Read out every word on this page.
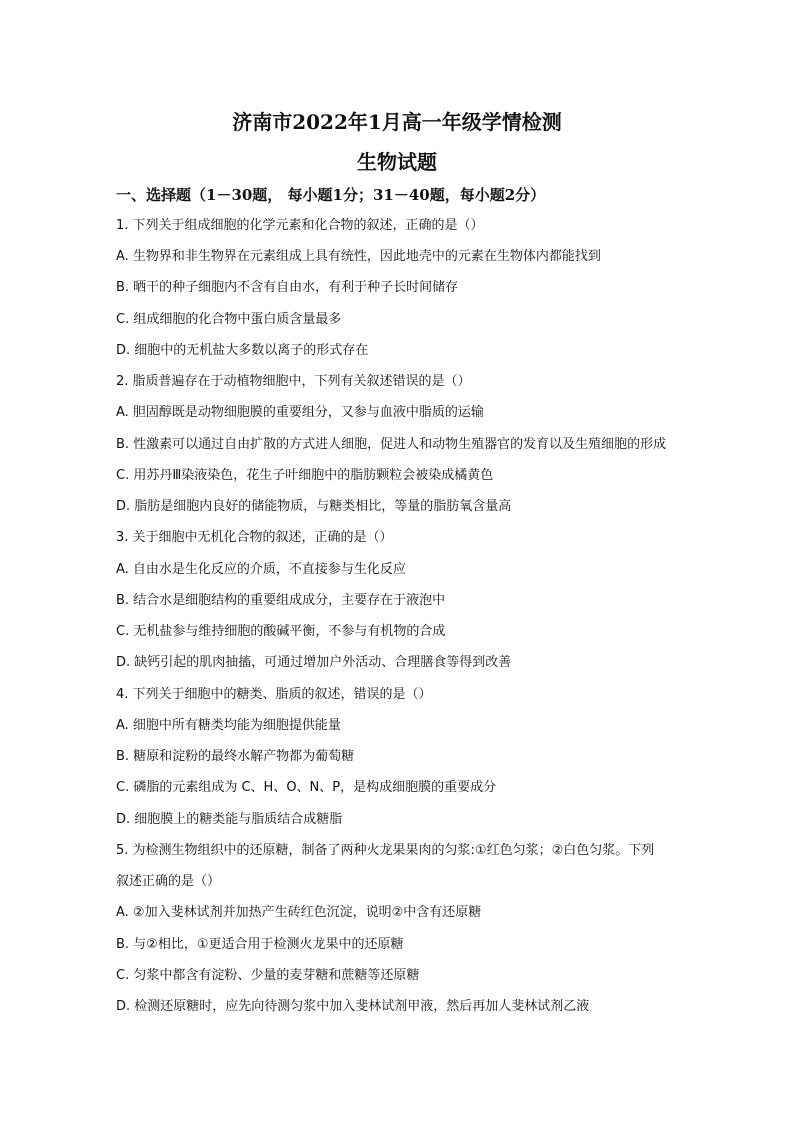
济南市2022年1月高一年级学情检测
生物试题
一、选择题（1－30题， 每小题1分；31－40题，每小题2分）
1. 下列关于组成细胞的化学元素和化合物的叙述，正确的是（）
A. 生物界和非生物界在元素组成上具有统性，因此地壳中的元素在生物体内都能找到
B. 晒干的种子细胞内不含有自由水，有利于种子长时间储存
C. 组成细胞的化合物中蛋白质含量最多
D. 细胞中的无机盐大多数以离子的形式存在
2. 脂质普遍存在于动植物细胞中，下列有关叙述错误的是（）
A. 胆固醇既是动物细胞膜的重要组分，又参与血液中脂质的运输
B. 性激素可以通过自由扩散的方式进人细胞，促进人和动物生殖器官的发育以及生殖细胞的形成
C. 用苏丹Ⅲ染液染色，花生子叶细胞中的脂肪颗粒会被染成橘黄色
D. 脂肪是细胞内良好的储能物质，与糖类相比，等量的脂肪氧含量高
3. 关于细胞中无机化合物的叙述，正确的是（）
A. 自由水是生化反应的介质，不直接参与生化反应
B. 结合水是细胞结构的重要组成成分，主要存在于液泡中
C. 无机盐参与维持细胞的酸碱平衡，不参与有机物的合成
D. 缺钙引起的肌肉抽搐，可通过增加户外活动、合理膳食等得到改善
4. 下列关于细胞中的糖类、脂质的叙述，错误的是（）
A. 细胞中所有糖类均能为细胞提供能量
B. 糖原和淀粉的最终水解产物都为葡萄糖
C. 磷脂的元素组成为 C、H、O、N、P，是构成细胞膜的重要成分
D. 细胞膜上的糖类能与脂质结合成糖脂
5. 为检测生物组织中的还原糖，制备了两种火龙果果肉的匀浆:①红色匀浆；②白色匀浆。下列
叙述正确的是（）
A. ②加入斐林试剂并加热产生砖红色沉淀，说明②中含有还原糖
B. 与②相比，①更适合用于检测火龙果中的还原糖
C. 匀浆中都含有淀粉、少量的麦芽糖和蔗糖等还原糖
D. 检测还原糖时，应先向待测匀浆中加入斐林试剂甲液，然后再加人斐林试剂乙液
